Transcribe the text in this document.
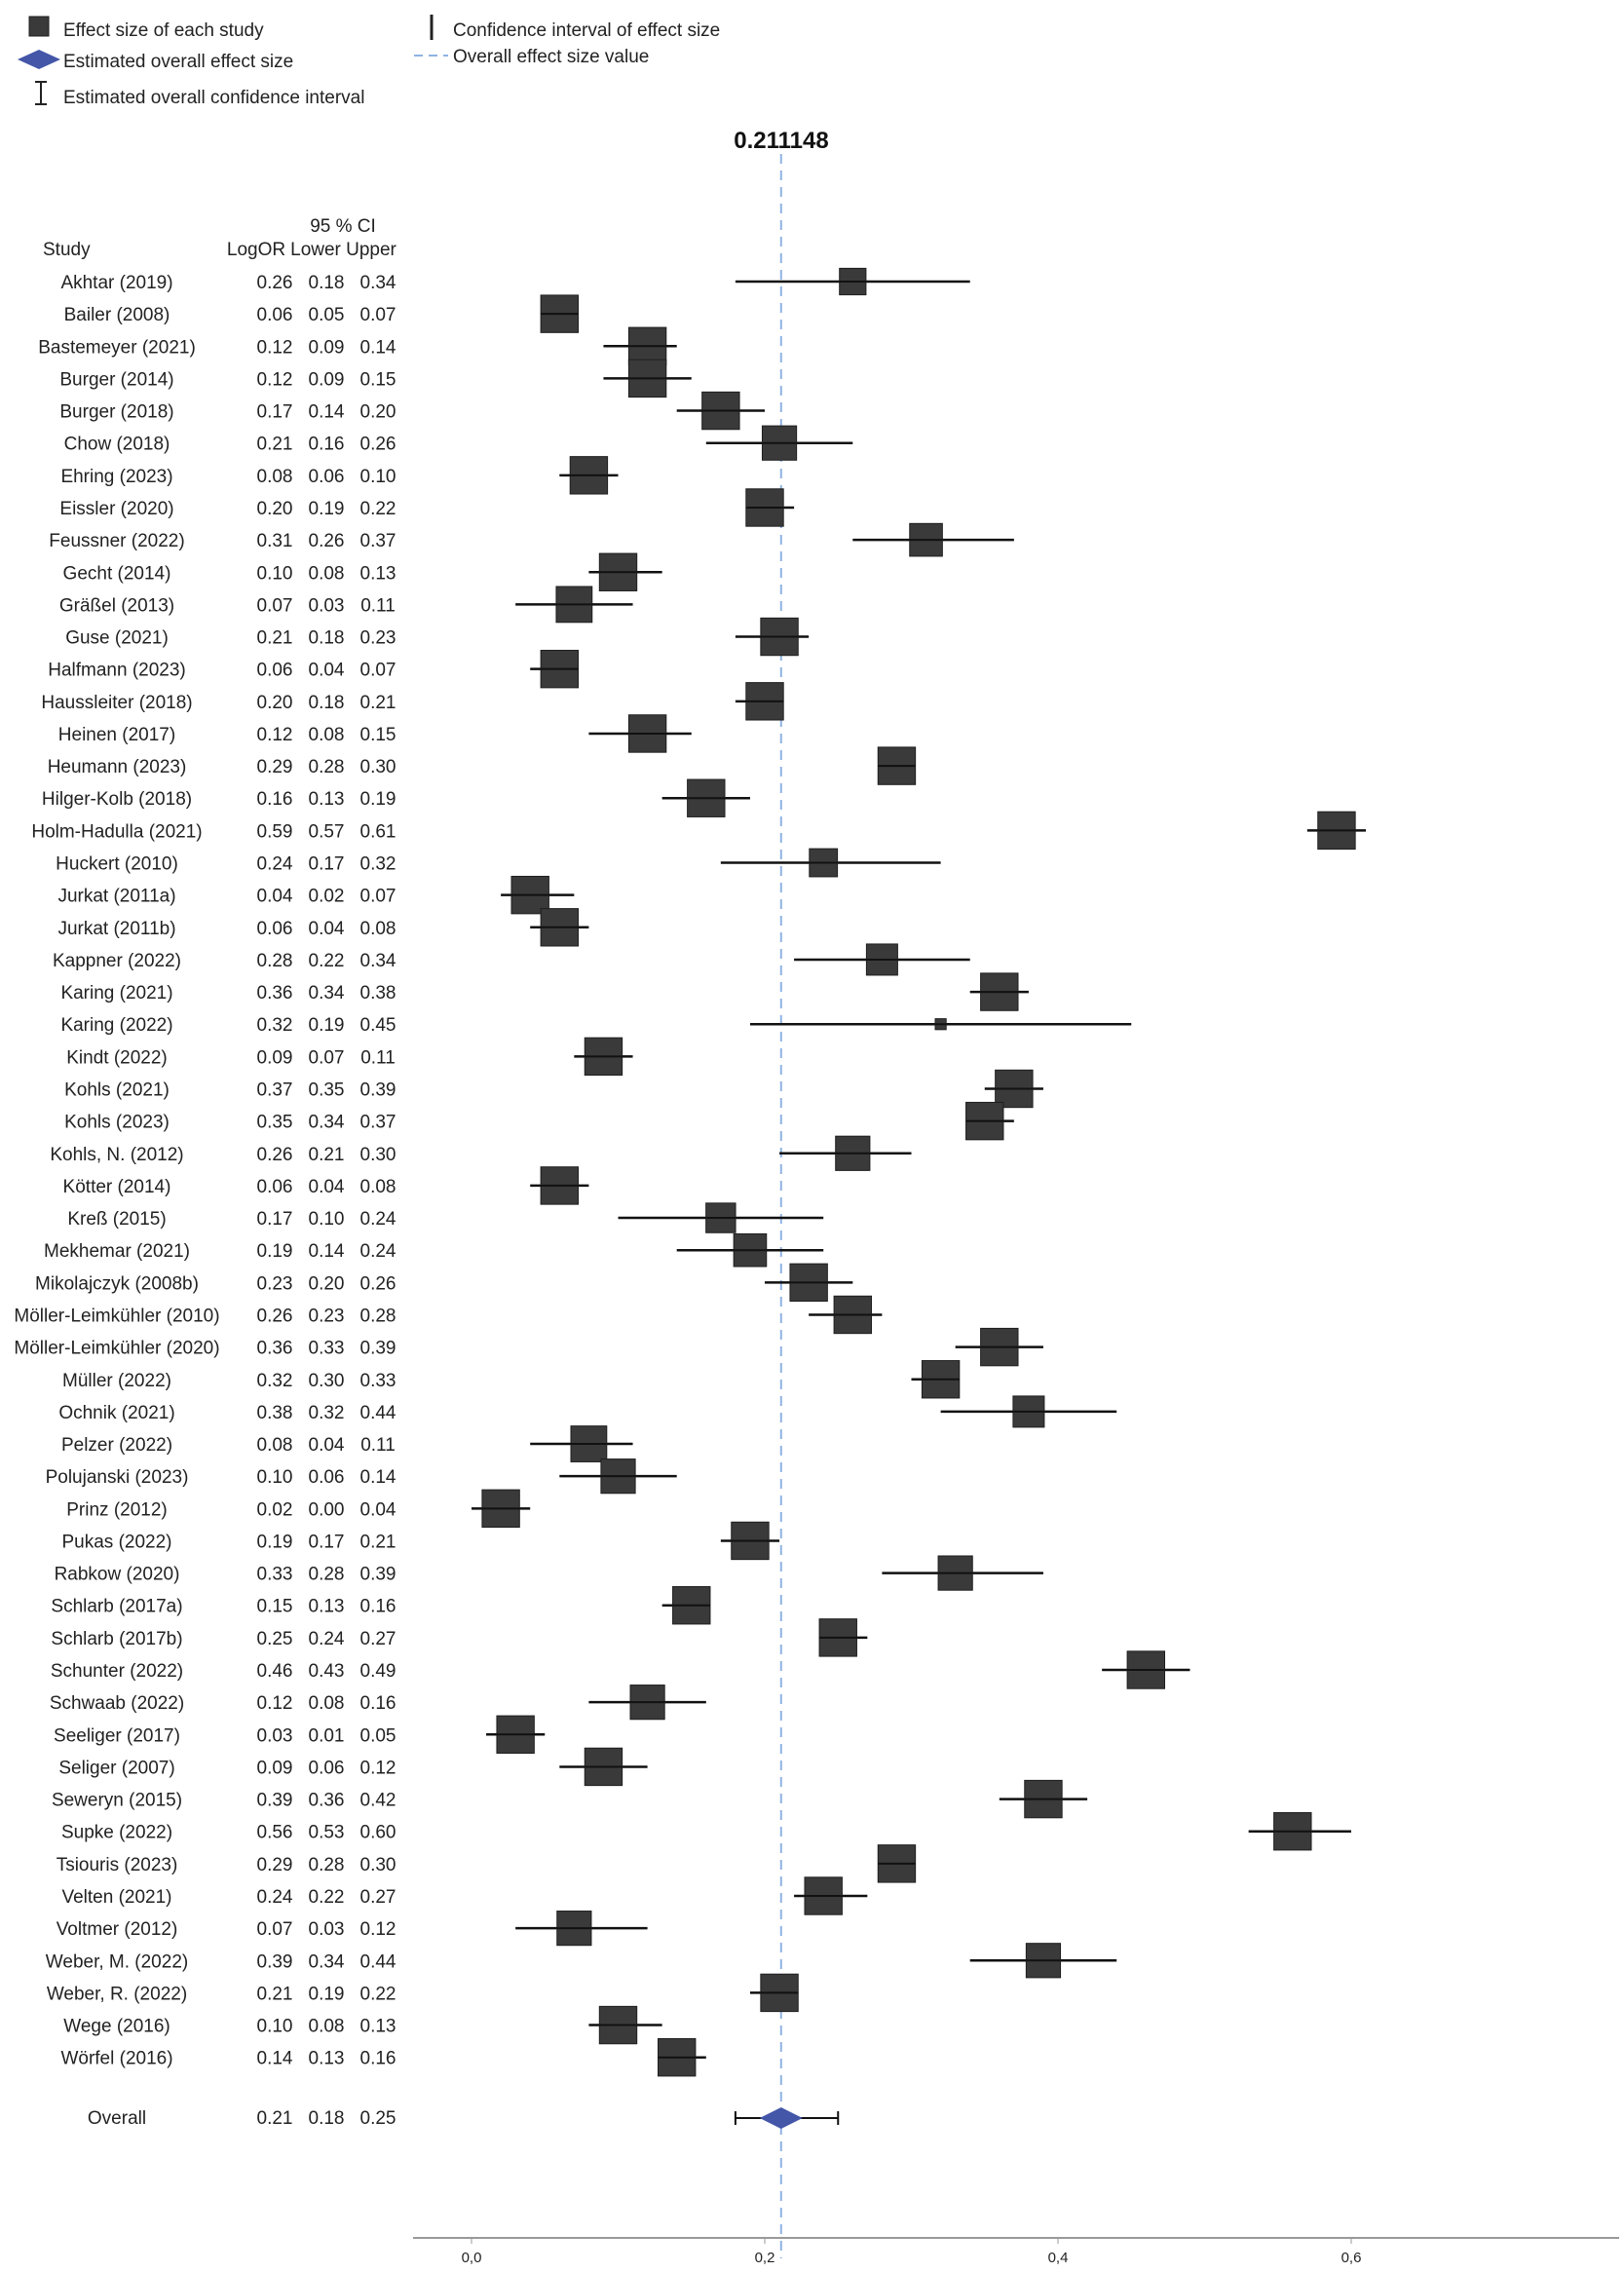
Effect size of each study
Estimated overall effect size
Estimated overall confidence interval
Confidence interval of effect size
Overall effect size value
0.211148
95 % CI
Study	LogOR Lower Upper
Overall	0.21 0.18 0.25
Akhtar (2019)	0.26 0.18 0.34
Bailer (2008)	0.06 0.05 0.07
Bastemeyer (2021)	0.12 0.09 0.14
Burger (2014)	0.12 0.09 0.15
Burger (2018)	0.17 0.14 0.20
Chow (2018)	0.21 0.16 0.26
Ehring (2023)	0.08 0.06 0.10
Eissler (2020)	0.20 0.19 0.22
Feussner (2022)	0.31 0.26 0.37
Gecht (2014)	0.10 0.08 0.13
Gräßel (2013)	0.07 0.03 0.11
Guse (2021)	0.21 0.18 0.23
Halfmann (2023)	0.06 0.04 0.07
Haussleiter (2018)	0.20 0.18 0.21
Heinen (2017)	0.12 0.08 0.15
Heumann (2023)	0.29 0.28 0.30
Hilger-Kolb (2018)	0.16 0.13 0.19
Holm-Hadulla (2021)	0.59 0.57 0.61
Huckert (2010)	0.24 0.17 0.32
Jurkat (2011a)	0.04 0.02 0.07
Jurkat (2011b)	0.06 0.04 0.08
Kappner (2022)	0.28 0.22 0.34
Karing (2021)	0.36 0.34 0.38
Karing (2022)	0.32 0.19 0.45
Kindt (2022)	0.09 0.07 0.11
Kohls (2021)	0.37 0.35 0.39
Kohls (2023)	0.35 0.34 0.37
Kohls, N. (2012)	0.26 0.21 0.30
Kötter (2014)	0.06 0.04 0.08
Kreß (2015)	0.17 0.10 0.24
Mekhemar (2021)	0.19 0.14 0.24
Mikolajczyk (2008b)	0.23 0.20 0.26
Möller-Leimkühler (2010) 0.26 0.23 0.28
Möller-Leimkühler (2020) 0.36 0.33 0.39
Müller (2022)	0.32 0.30 0.33
Ochnik (2021)	0.38 0.32 0.44
Pelzer (2022)	0.08 0.04 0.11
Polujanski (2023)	0.10 0.06 0.14
Prinz (2012)	0.02 0.00 0.04
Pukas (2022)	0.19 0.17 0.21
Rabkow (2020)	0.33 0.28 0.39
Schlarb (2017a)	0.15 0.13 0.16
Schlarb (2017b)	0.25 0.24 0.27
Schunter (2022)	0.46 0.43 0.49
Schwaab (2022)	0.12 0.08 0.16
Seeliger (2017)	0.03 0.01 0.05
Seliger (2007)	0.09 0.06 0.12
Seweryn (2015)	0.39 0.36 0.42
Supke (2022)	0.56 0.53 0.60
Tsiouris (2023)	0.29 0.28 0.30
Velten (2021)	0.24 0.22 0.27
Voltmer (2012)	0.07 0.03 0.12
Weber, M. (2022)	0.39 0.34 0.44
Weber, R. (2022)	0.21 0.19 0.22
Wege (2016)	0.10 0.08 0.13
Wörfel (2016)	0.14 0.13 0.16
0,0	0,2	0,4	0,6
